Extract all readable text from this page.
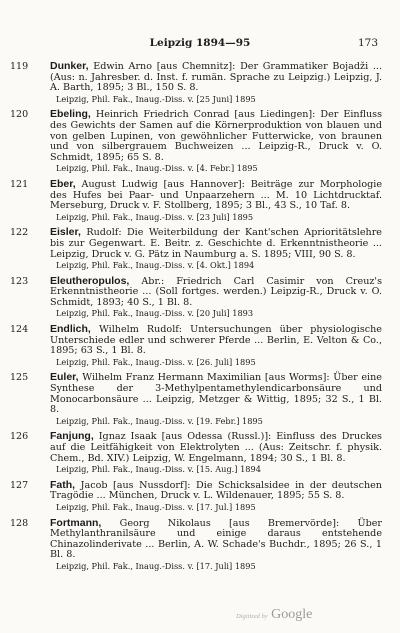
Leipzig 1894—95	173
119	Dunker, Edwin Arno [aus Chemnitz]: Der Grammatiker Bojadži ... (Aus: n. Jahresber. d. Inst. f. rumän. Sprache zu Leipzig.) Leipzig, J. A. Barth, 1895; 3 Bl., 150 S. 8.
Leipzig, Phil. Fak., Inaug.-Diss. v. [25 Juni] 1895
120	Ebeling, Heinrich Friedrich Conrad [aus Liedingen]: Der Einfluss des Gewichts der Samen auf die Körnerproduktion von blauen und von gelben Lupinen, von gewöhnlicher Futterwicke, von braunen und von silbergrauem Buchweizen ... Leipzig-R., Druck v. O. Schmidt, 1895; 65 S. 8.
Leipzig, Phil. Fak., Inaug.-Diss. v. [4. Febr.] 1895
121	Eber, August Ludwig [aus Hannover]: Beiträge zur Morphologie des Hufes bei Paar- und Unpaarzehern ... M. 10 Lichtdrucktaf. Merseburg, Druck v. F. Stollberg, 1895; 3 Bl., 43 S., 10 Taf. 8.
Leipzig, Phil. Fak., Inaug.-Diss. v. [23 Juli] 1895
122	Eisler, Rudolf: Die Weiterbildung der Kant'schen Aprioritätslehre bis zur Gegenwart. E. Beitr. z. Geschichte d. Erkenntnistheorie ... Leipzig, Druck v. G. Pätz in Naumburg a. S. 1895; VIII, 90 S. 8.
Leipzig, Phil. Fak., Inaug.-Diss. v. [4. Okt.] 1894
123	Eleutheropulos, Abr.: Friedrich Carl Casimir von Creuz's Erkenntnistheorie ... (Soll fortges. werden.) Leipzig-R., Druck v. O. Schmidt, 1893; 40 S., 1 Bl. 8.
Leipzig, Phil. Fak., Inaug.-Diss. v. [20 Juli] 1893
124	Endlich, Wilhelm Rudolf: Untersuchungen über physiologische Unterschiede edler und schwerer Pferde ... Berlin, E. Velton & Co., 1895; 63 S., 1 Bl. 8.
Leipzig, Phil. Fak., Inaug.-Diss. v. [26. Juli] 1895
125	Euler, Wilhelm Franz Hermann Maximilian [aus Worms]: Über eine Synthese der 3-Methylpentamethylendicarbonsäure und Monocarbonsäure ... Leipzig, Metzger & Wittig, 1895; 32 S., 1 Bl. 8.
Leipzig, Phil. Fak., Inaug.-Diss. v. [19. Febr.] 1895
126	Fanjung, Ignaz Isaak [aus Odessa (Russl.)]: Einfluss des Druckes auf die Leitfähigkeit von Elektrolyten ... (Aus: Zeitschr. f. physik. Chem., Bd. XIV.) Leipzig, W. Engelmann, 1894; 30 S., 1 Bl. 8.
Leipzig, Phil. Fak., Inaug.-Diss. v. [15. Aug.] 1894
127	Fath, Jacob [aus Nussdorf]: Die Schicksalsidee in der deutschen Tragödie ... München, Druck v. L. Wildenauer, 1895; 55 S. 8.
Leipzig, Phil. Fak., Inaug.-Diss. v. [17. Jul.] 1895
128	Fortmann, Georg Nikolaus [aus Bremervörde]: Über Methylanthranilsäure und einige daraus entstehende Chinazolinderivate ... Berlin, A. W. Schade's Buchdr., 1895; 26 S., 1 Bl. 8.
Leipzig, Phil. Fak., Inaug.-Diss. v. [17. Juli] 1895
Digitized by Google
